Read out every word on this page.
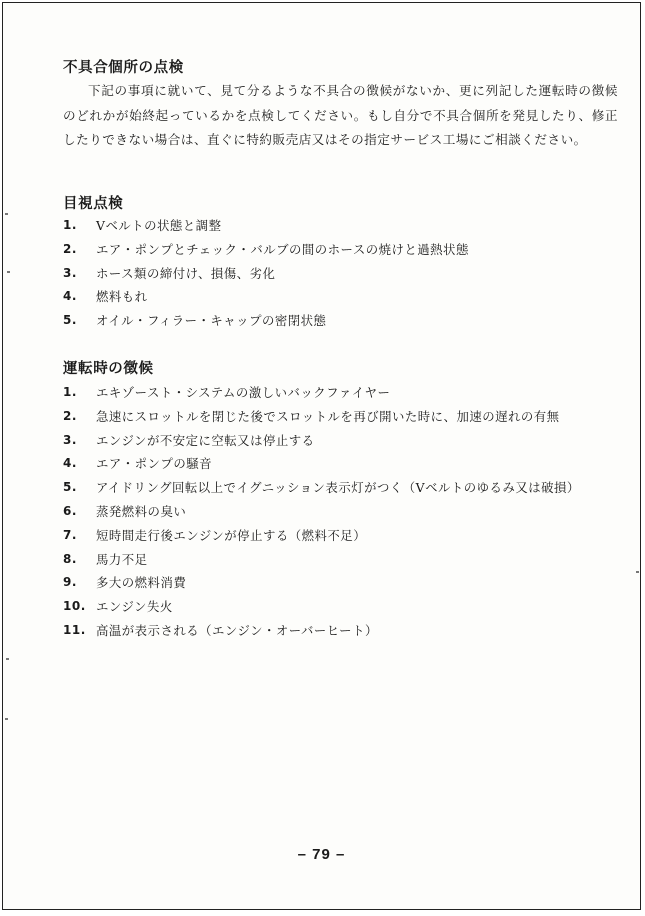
不具合個所の点検
下記の事項に就いて、見て分るような不具合の徴候がないか、更に列記した運転時の徴候のどれかが始終起っているかを点検してください。もし自分で不具合個所を発見したり、修正したりできない場合は、直ぐに特約販売店又はその指定サービス工場にご相談ください。
目視点検
1. Vベルトの状態と調整
2. エア・ポンプとチェック・バルブの間のホースの焼けと過熱状態
3. ホース類の締付け、損傷、劣化
4. 燃料もれ
5. オイル・フィラー・キャップの密閉状態
運転時の徴候
1. エキゾースト・システムの激しいバックファイヤー
2. 急速にスロットルを閉じた後でスロットルを再び開いた時に、加速の遅れの有無
3. エンジンが不安定に空転又は停止する
4. エア・ポンプの騒音
5. アイドリング回転以上でイグニッション表示灯がつく（Vベルトのゆるみ又は破損）
6. 蒸発燃料の臭い
7. 短時間走行後エンジンが停止する（燃料不足）
8. 馬力不足
9. 多大の燃料消費
10. エンジン失火
11. 高温が表示される（エンジン・オーバーヒート）
– 79 –
